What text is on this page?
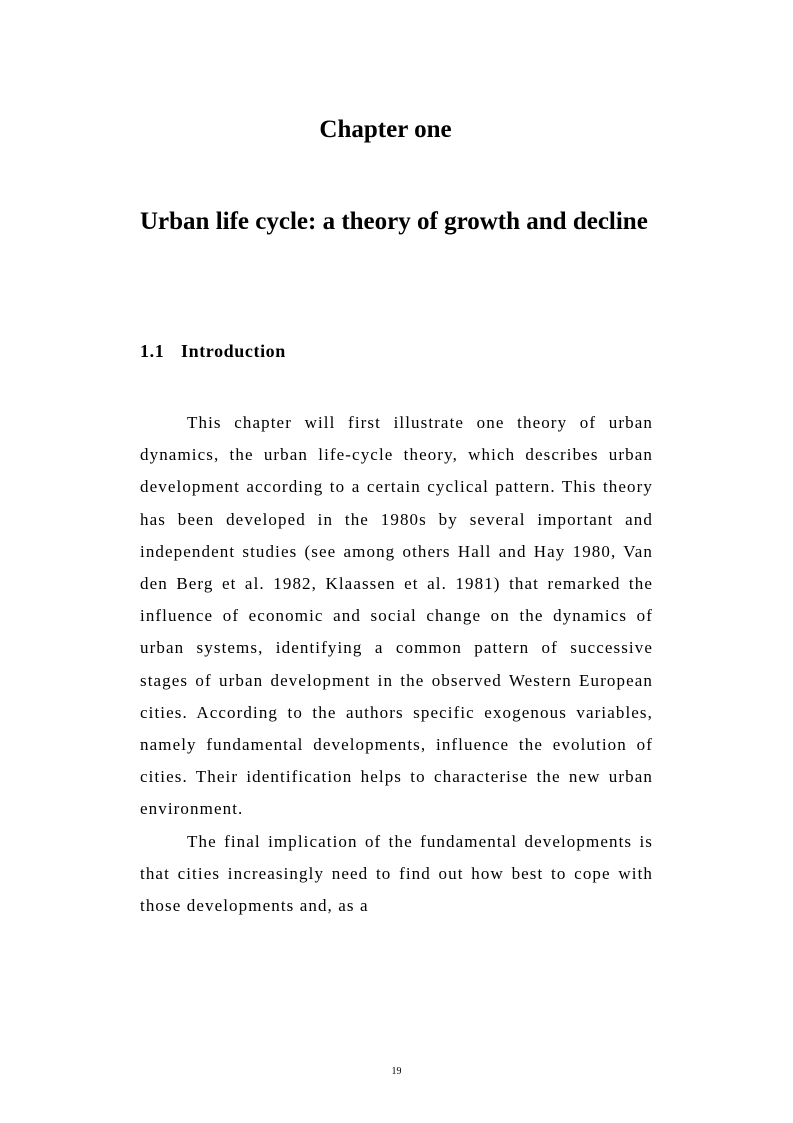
Chapter one
Urban life cycle: a theory of growth and decline
1.1 Introduction

This chapter will first illustrate one theory of urban dynamics, the urban life-cycle theory, which describes urban development according to a certain cyclical pattern. This theory has been developed in the 1980s by several important and independent studies (see among others Hall and Hay 1980, Van den Berg et al. 1982, Klaassen et al. 1981) that remarked the influence of economic and social change on the dynamics of urban systems, identifying a common pattern of successive stages of urban development in the observed Western European cities. According to the authors specific exogenous variables, namely fundamental developments, influence the evolution of cities. Their identification helps to characterise the new urban environment.

The final implication of the fundamental developments is that cities increasingly need to find out how best to cope with those developments and, as a

19
